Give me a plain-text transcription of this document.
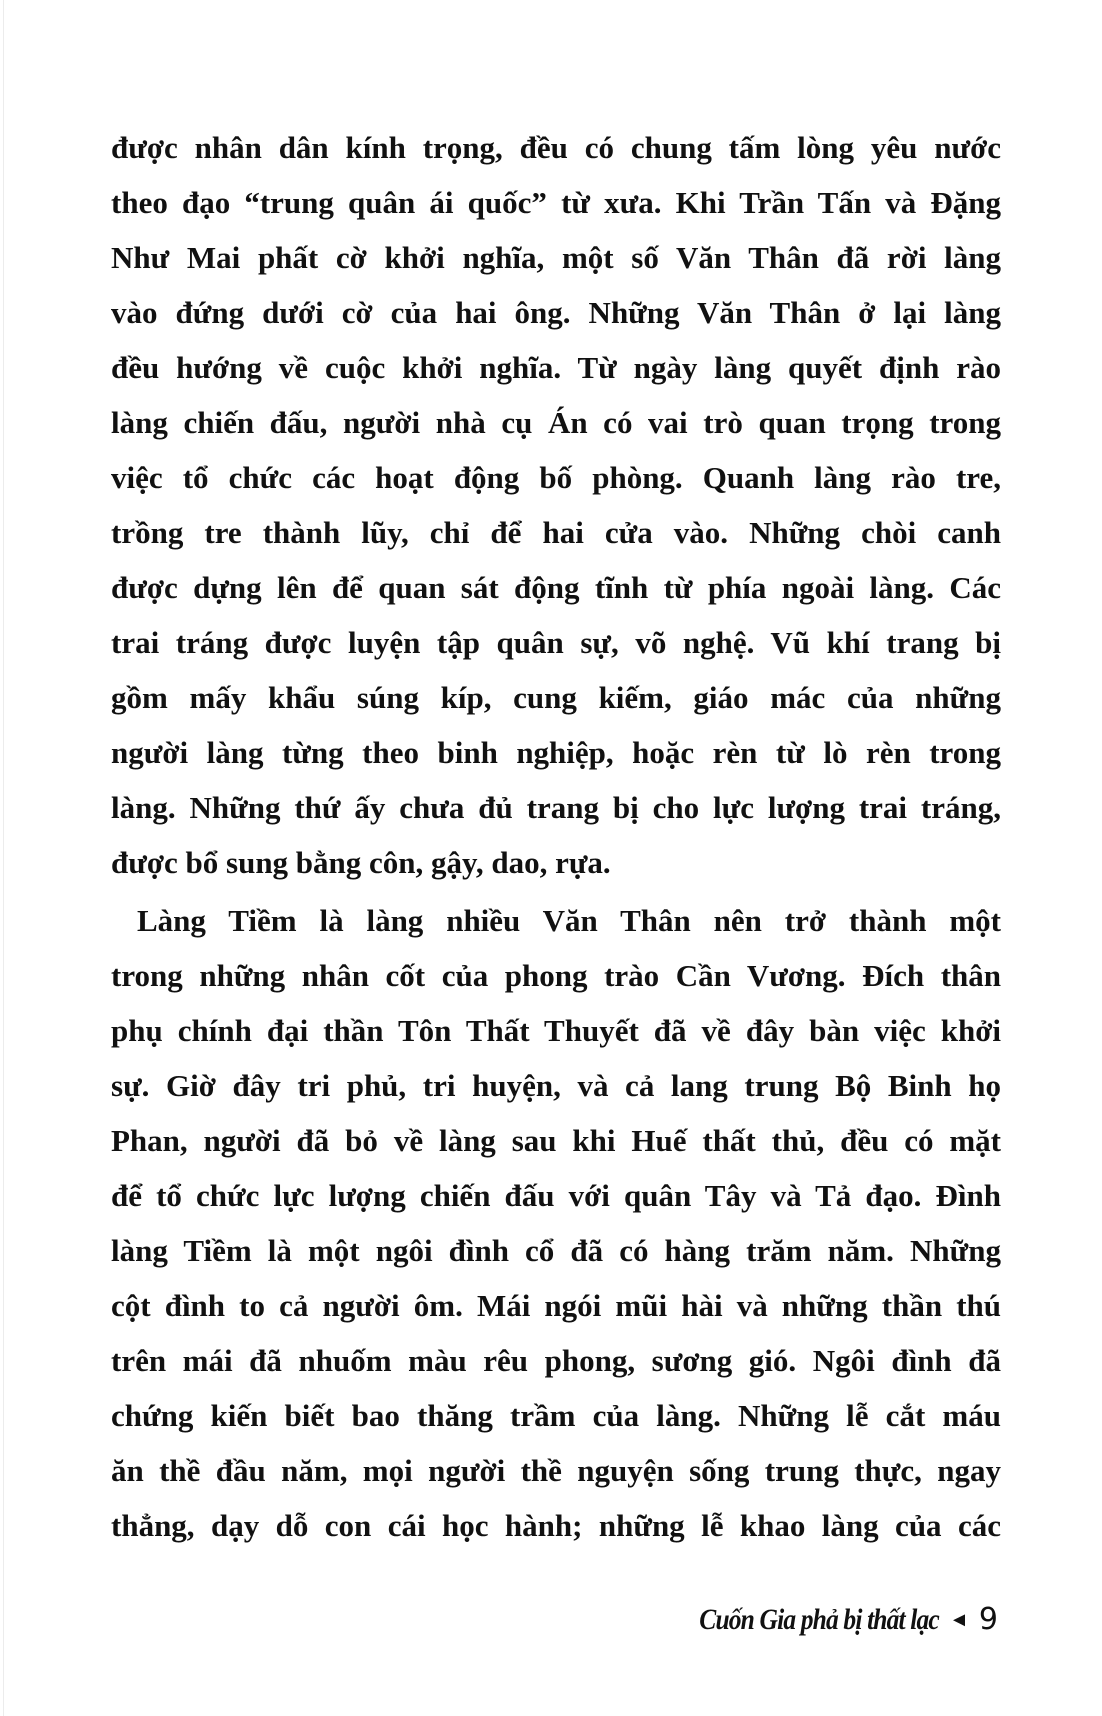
được nhân dân kính trọng, đều có chung tấm lòng yêu nước
theo đạo “trung quân ái quốc” từ xưa. Khi Trần Tấn và Đặng
Như Mai phất cờ khởi nghĩa, một số Văn Thân đã rời làng
vào đứng dưới cờ của hai ông. Những Văn Thân ở lại làng
đều hướng về cuộc khởi nghĩa. Từ ngày làng quyết định rào
làng chiến đấu, người nhà cụ Án có vai trò quan trọng trong
việc tổ chức các hoạt động bố phòng. Quanh làng rào tre,
trồng tre thành lũy, chỉ để hai cửa vào. Những chòi canh
được dựng lên để quan sát động tĩnh từ phía ngoài làng. Các
trai tráng được luyện tập quân sự, võ nghệ. Vũ khí trang bị
gồm mấy khẩu súng kíp, cung kiếm, giáo mác của những
người làng từng theo binh nghiệp, hoặc rèn từ lò rèn trong
làng. Những thứ ấy chưa đủ trang bị cho lực lượng trai tráng,
được bổ sung bằng côn, gậy, dao, rựa.
Làng Tiềm là làng nhiều Văn Thân nên trở thành một
trong những nhân cốt của phong trào Cần Vương. Đích thân
phụ chính đại thần Tôn Thất Thuyết đã về đây bàn việc khởi
sự. Giờ đây tri phủ, tri huyện, và cả lang trung Bộ Binh họ
Phan, người đã bỏ về làng sau khi Huế thất thủ, đều có mặt
để tổ chức lực lượng chiến đấu với quân Tây và Tả đạo. Đình
làng Tiềm là một ngôi đình cổ đã có hàng trăm năm. Những
cột đình to cả người ôm. Mái ngói mũi hài và những thần thú
trên mái đã nhuốm màu rêu phong, sương gió. Ngôi đình đã
chứng kiến biết bao thăng trầm của làng. Những lễ cắt máu
ăn thề đầu năm, mọi người thề nguyện sống trung thực, ngay
thẳng, dạy dỗ con cái học hành; những lễ khao làng của các
Cuốn Gia phả bị thất lạc ◄ 9
